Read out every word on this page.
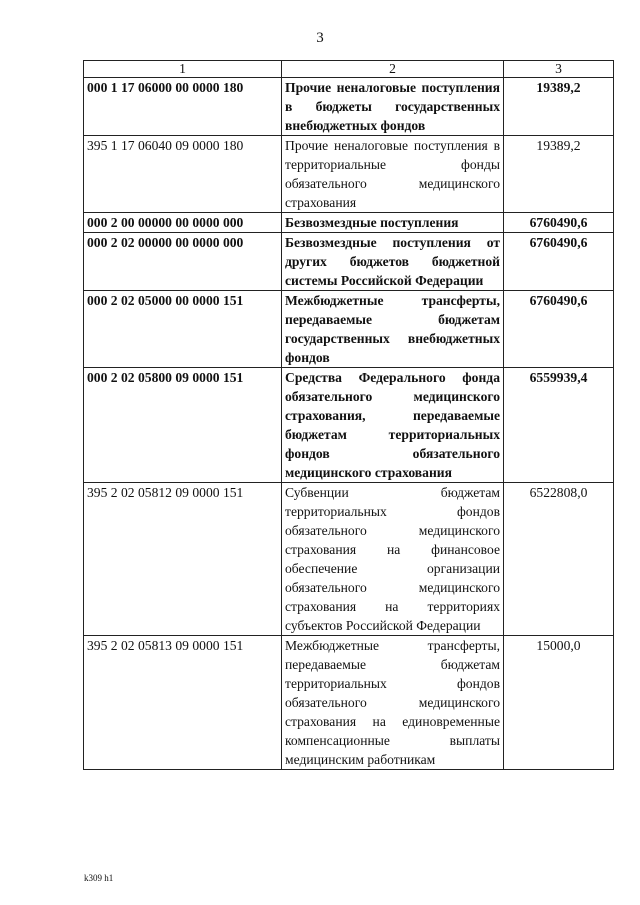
3
1	2	3
000 1 17 06000 00 0000 180	Прочие неналоговые поступления в бюджеты государственных внебюджетных фондов	19389,2
395 1 17 06040 09 0000 180	Прочие неналоговые поступления в территориальные фонды обязательного медицинского страхования	19389,2
000 2 00 00000 00 0000 000	Безвозмездные поступления	6760490,6
000 2 02 00000 00 0000 000	Безвозмездные поступления от других бюджетов бюджетной системы Российской Федерации	6760490,6
000 2 02 05000 00 0000 151	Межбюджетные трансферты, передаваемые бюджетам государственных внебюджетных фондов	6760490,6
000 2 02 05800 09 0000 151	Средства Федерального фонда обязательного медицинского страхования, передаваемые бюджетам территориальных фондов обязательного медицинского страхования	6559939,4
395 2 02 05812 09 0000 151	Субвенции бюджетам территориальных фондов обязательного медицинского страхования на финансовое обеспечение организации обязательного медицинского страхования на территориях субъектов Российской Федерации	6522808,0
395 2 02 05813 09 0000 151	Межбюджетные трансферты, передаваемые бюджетам территориальных фондов обязательного медицинского страхования на единовременные компенсационные выплаты медицинским работникам	15000,0
k309 h1
